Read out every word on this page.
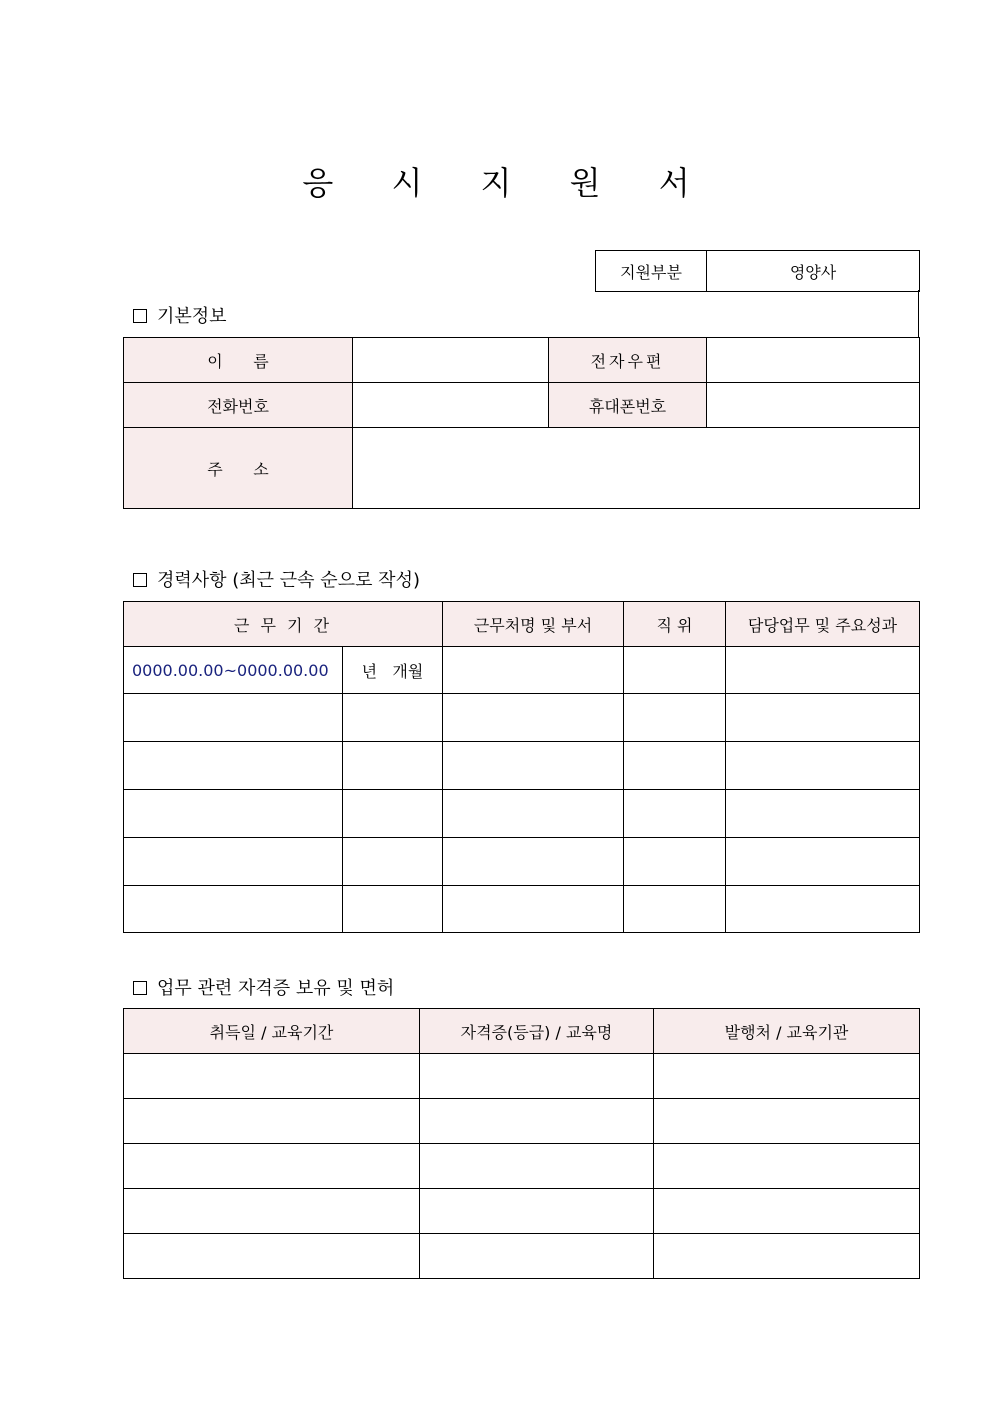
응 시 지 원 서
지원부분	영양사
기본정보
이      름		전자우편	
전화번호		휴대폰번호	
주      소			
경력사항 (최근 근속 순으로 작성)
근 무 기 간		근무처명 및 부서	직 위	담당업무 및 주요성과
0000.00.00~0000.00.00	년   개월			

업무 관련 자격증 보유 및 면허
취득일 / 교육기간	자격증(등급) / 교육명	발행처 / 교육기관
